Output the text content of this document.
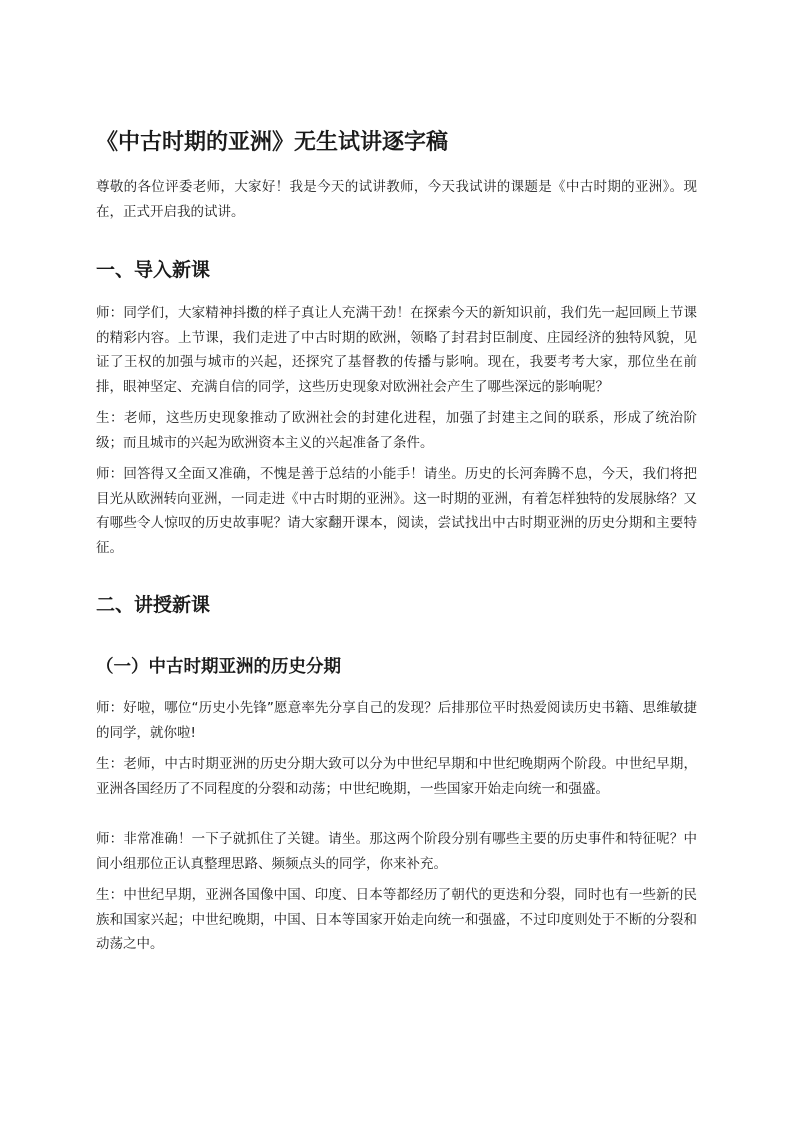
《中古时期的亚洲》无生试讲逐字稿

尊敬的各位评委老师，大家好！我是今天的试讲教师，今天我试讲的课题是《中古时期的亚洲》。现在，正式开启我的试讲。

一、导入新课

师：同学们，大家精神抖擞的样子真让人充满干劲！在探索今天的新知识前，我们先一起回顾上节课的精彩内容。上节课，我们走进了中古时期的欧洲，领略了封君封臣制度、庄园经济的独特风貌，见证了王权的加强与城市的兴起，还探究了基督教的传播与影响。现在，我要考考大家，那位坐在前排，眼神坚定、充满自信的同学，这些历史现象对欧洲社会产生了哪些深远的影响呢？

生：老师，这些历史现象推动了欧洲社会的封建化进程，加强了封建主之间的联系，形成了统治阶级；而且城市的兴起为欧洲资本主义的兴起准备了条件。

师：回答得又全面又准确，不愧是善于总结的小能手！请坐。历史的长河奔腾不息，今天，我们将把目光从欧洲转向亚洲，一同走进《中古时期的亚洲》。这一时期的亚洲，有着怎样独特的发展脉络？又有哪些令人惊叹的历史故事呢？请大家翻开课本，阅读，尝试找出中古时期亚洲的历史分期和主要特征。

二、讲授新课
（一）中古时期亚洲的历史分期

师：好啦，哪位“历史小先锋”愿意率先分享自己的发现？后排那位平时热爱阅读历史书籍、思维敏捷的同学，就你啦!

生：老师，中古时期亚洲的历史分期大致可以分为中世纪早期和中世纪晚期两个阶段。中世纪早期，亚洲各国经历了不同程度的分裂和动荡；中世纪晚期，一些国家开始走向统一和强盛。

师：非常准确！一下子就抓住了关键。请坐。那这两个阶段分别有哪些主要的历史事件和特征呢？中间小组那位正认真整理思路、频频点头的同学，你来补充。

生：中世纪早期，亚洲各国像中国、印度、日本等都经历了朝代的更迭和分裂，同时也有一些新的民族和国家兴起；中世纪晚期，中国、日本等国家开始走向统一和强盛，不过印度则处于不断的分裂和动荡之中。
